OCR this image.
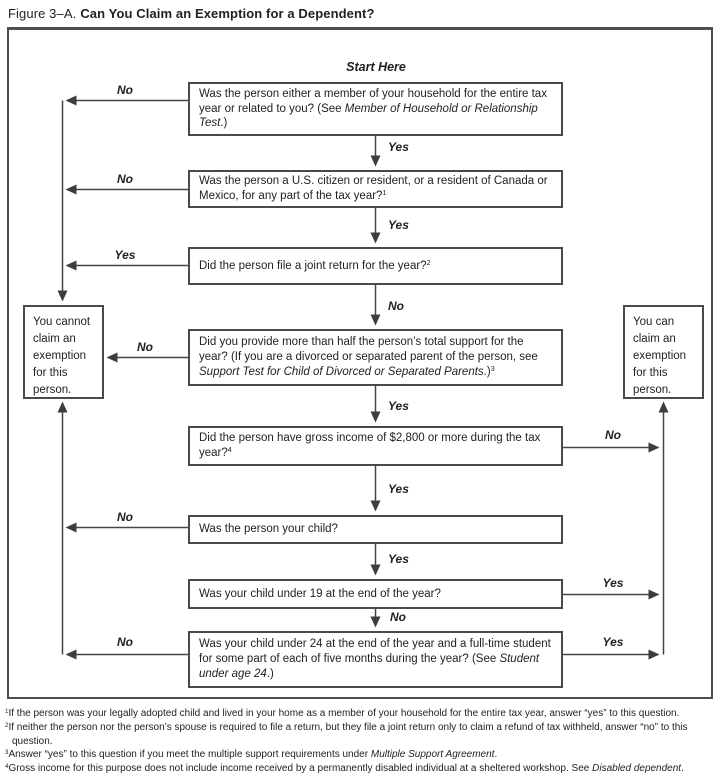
Figure 3–A. Can You Claim an Exemption for a Dependent?
Start Here
Was the person either a member of your household for the entire tax year or related to you? (See Member of Household or Relationship Test.)
Was the person a U.S. citizen or resident, or a resident of Canada or Mexico, for any part of the tax year?$^1$
Did the person file a joint return for the year?$^2$
Did you provide more than half the person’s total support for the year? (If you are a divorced or separated parent of the person, see Support Test for Child of Divorced or Separated Parents.)$^3$
Did the person have gross income of $2,800 or more during the tax year?$^4$
Was the person your child?
Was your child under 19 at the end of the year?
Was your child under 24 at the end of the year and a full-time student for some part of each of five months during the year? (See Student under age 24.)
You cannot claim an exemption for this person.
You can claim an exemption for this person.
No
Yes
No
Yes
Yes
No
No
Yes
No
Yes
No
Yes
Yes
No
No	Yes
$^1$If the person was your legally adopted child and lived in your home as a member of your household for the entire tax year, answer “yes” to this question.
$^2$If neither the person nor the person’s spouse is required to file a return, but they file a joint return only to claim a refund of tax withheld, answer “no” to this question.
$^3$Answer “yes” to this question if you meet the multiple support requirements under Multiple Support Agreement.
$^4$Gross income for this purpose does not include income received by a permanently disabled individual at a sheltered workshop. See Disabled dependent.
